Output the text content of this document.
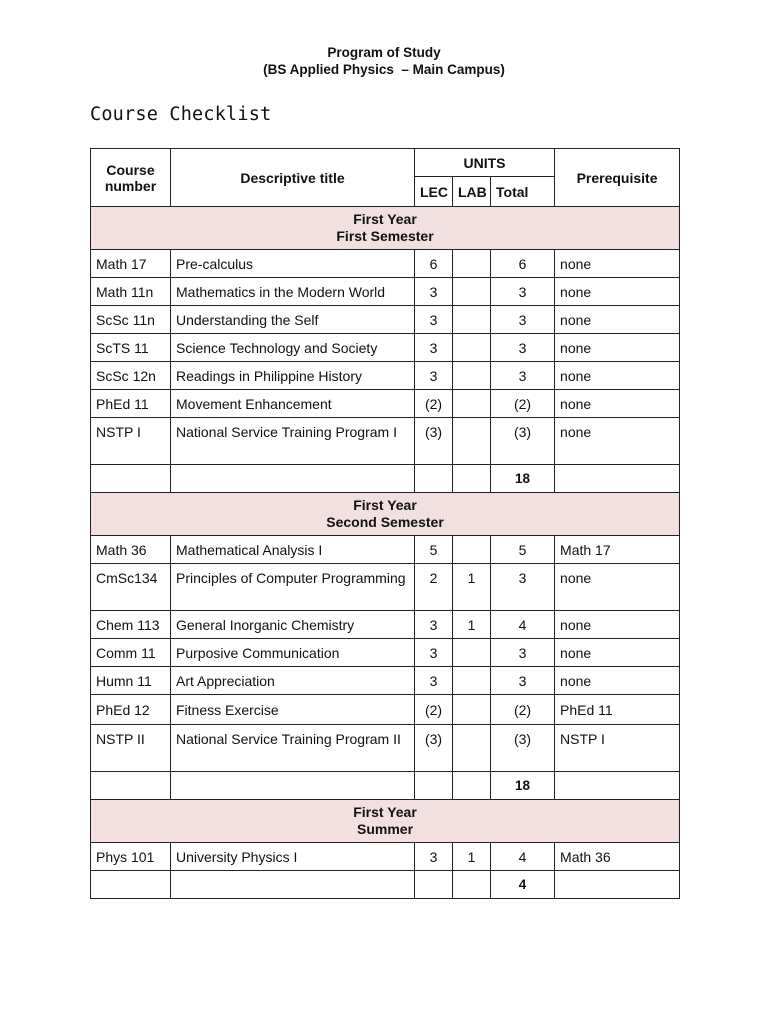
Program of Study
(BS Applied Physics  – Main Campus)
Course Checklist
Course number	Descriptive title	UNITS			Prerequisite
		LEC	LAB	Total	

First Year
First Semester					

Math 17	Pre-calculus	6		6	none
Math 11n	Mathematics in the Modern World	3		3	none
ScSc 11n	Understanding the Self	3		3	none
ScTS 11	Science Technology and Society	3		3	none
ScSc 12n	Readings in Philippine History	3		3	none
PhEd 11	Movement Enhancement	(2)		(2)	none
NSTP I	National Service Training Program I	(3)		(3)	none
				18	

First Year
Second Semester					

Math 36	Mathematical Analysis I	5		5	Math 17
CmSc134	Principles of Computer Programming	2	1	3	none
Chem 113	General Inorganic Chemistry	3	1	4	none
Comm 11	Purposive Communication	3		3	none
Humn 11	Art Appreciation	3		3	none
PhEd 12	Fitness Exercise	(2)		(2)	PhEd 11
NSTP II	National Service Training Program II	(3)		(3)	NSTP I
				18	

First Year
Summer					

Phys 101	University Physics I	3	1	4	Math 36
				4	
